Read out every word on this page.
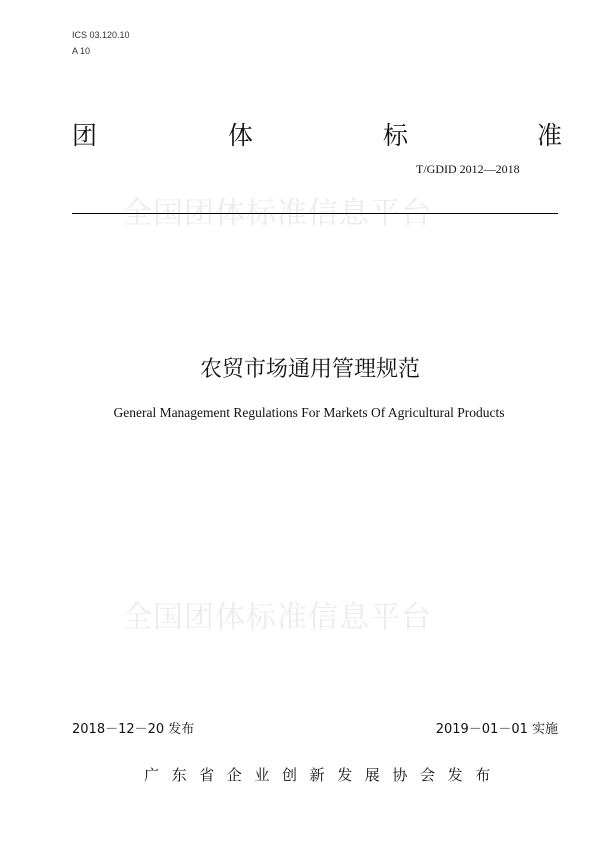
ICS 03.120.10
A 10
团	体	标	准
全国团体标准信息平台
全国团体标准信息平台
T/GDID 2012—2018
农贸市场通用管理规范
General Management Regulations For Markets Of Agricultural Products
2018－12－20 发布	2019－01－01 实施
广东省企业创新发展协会发布
